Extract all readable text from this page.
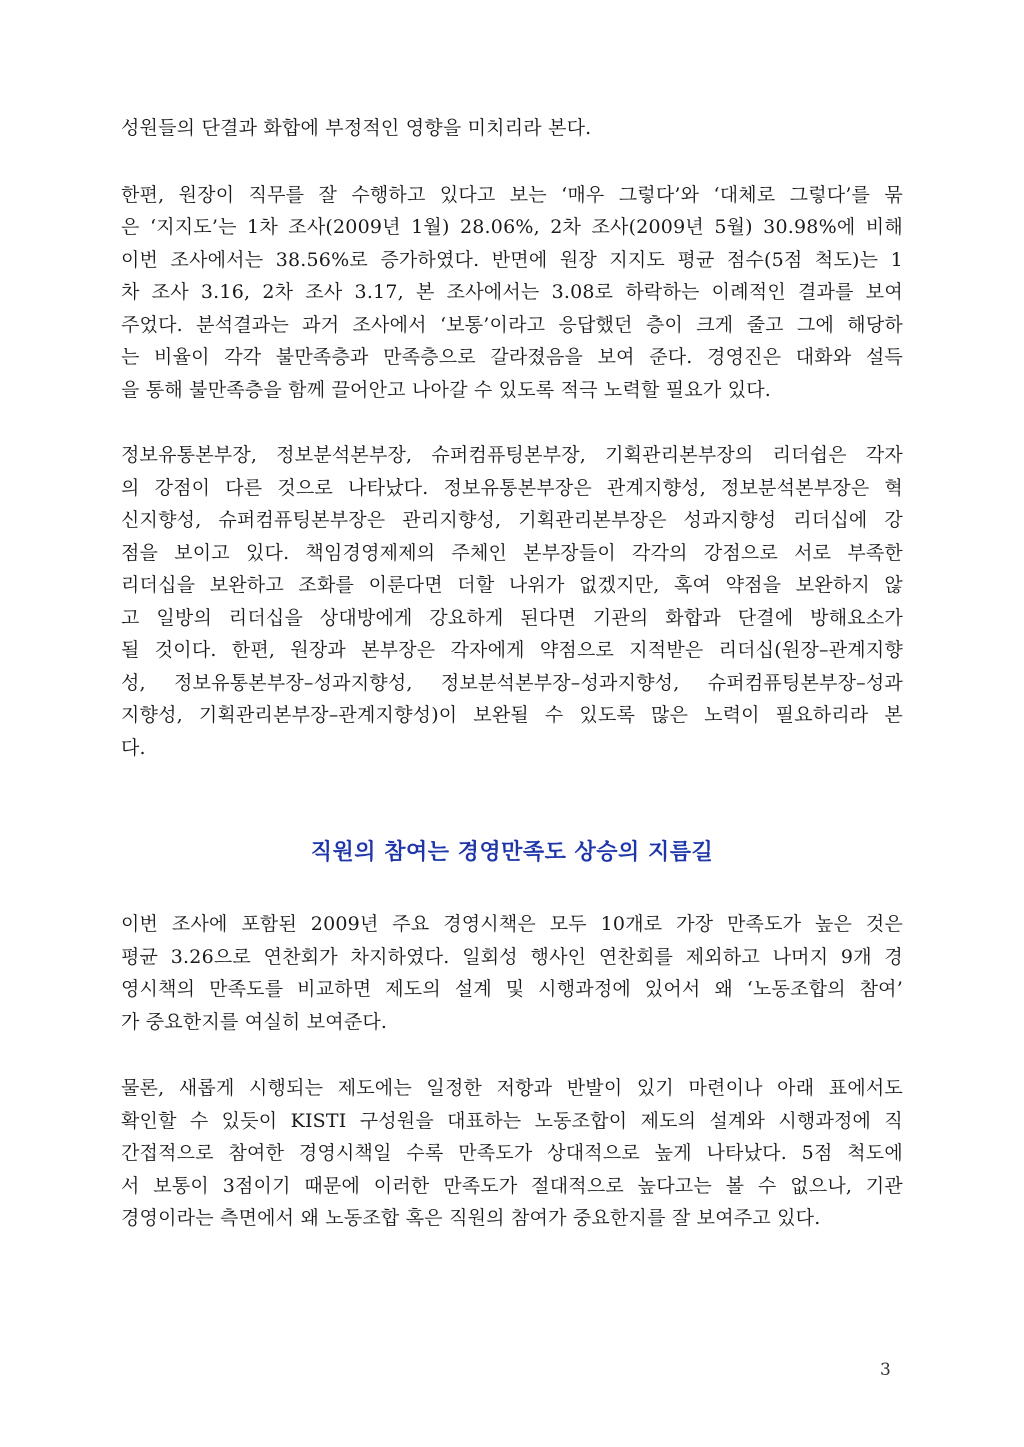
성원들의 단결과 화합에 부정적인 영향을 미치리라 본다.
한편, 원장이 직무를 잘 수행하고 있다고 보는 ‘매우 그렇다’와 ‘대체로 그렇다’를 묶
은 ‘지지도’는 1차 조사(2009년 1월) 28.06%, 2차 조사(2009년 5월) 30.98%에 비해
이번 조사에서는 38.56%로 증가하였다. 반면에 원장 지지도 평균 점수(5점 척도)는 1
차 조사 3.16, 2차 조사 3.17, 본 조사에서는 3.08로 하락하는 이례적인 결과를 보여
주었다. 분석결과는 과거 조사에서 ‘보통’이라고 응답했던 층이 크게 줄고 그에 해당하
는 비율이 각각 불만족층과 만족층으로 갈라졌음을 보여 준다. 경영진은 대화와 설득
을 통해 불만족층을 함께 끌어안고 나아갈 수 있도록 적극 노력할 필요가 있다.
정보유통본부장, 정보분석본부장, 슈퍼컴퓨팅본부장, 기획관리본부장의 리더쉽은 각자
의 강점이 다른 것으로 나타났다. 정보유통본부장은 관계지향성, 정보분석본부장은 혁
신지향성, 슈퍼컴퓨팅본부장은 관리지향성, 기획관리본부장은 성과지향성 리더십에 강
점을 보이고 있다. 책임경영제제의 주체인 본부장들이 각각의 강점으로 서로 부족한
리더십을 보완하고 조화를 이룬다면 더할 나위가 없겠지만, 혹여 약점을 보완하지 않
고 일방의 리더십을 상대방에게 강요하게 된다면 기관의 화합과 단결에 방해요소가
될 것이다. 한편, 원장과 본부장은 각자에게 약점으로 지적받은 리더십(원장–관계지향
성, 정보유통본부장–성과지향성, 정보분석본부장–성과지향성, 슈퍼컴퓨팅본부장–성과
지향성, 기획관리본부장–관계지향성)이 보완될 수 있도록 많은 노력이 필요하리라 본
다.
직원의 참여는 경영만족도 상승의 지름길
이번 조사에 포함된 2009년 주요 경영시책은 모두 10개로 가장 만족도가 높은 것은
평균 3.26으로 연찬회가 차지하였다. 일회성 행사인 연찬회를 제외하고 나머지 9개 경
영시책의 만족도를 비교하면 제도의 설계 및 시행과정에 있어서 왜 ‘노동조합의 참여’
가 중요한지를 여실히 보여준다.
물론, 새롭게 시행되는 제도에는 일정한 저항과 반발이 있기 마련이나 아래 표에서도
확인할 수 있듯이 KISTI 구성원을 대표하는 노동조합이 제도의 설계와 시행과정에 직
간접적으로 참여한 경영시책일 수록 만족도가 상대적으로 높게 나타났다. 5점 척도에
서 보통이 3점이기 때문에 이러한 만족도가 절대적으로 높다고는 볼 수 없으나, 기관
경영이라는 측면에서 왜 노동조합 혹은 직원의 참여가 중요한지를 잘 보여주고 있다.
3
